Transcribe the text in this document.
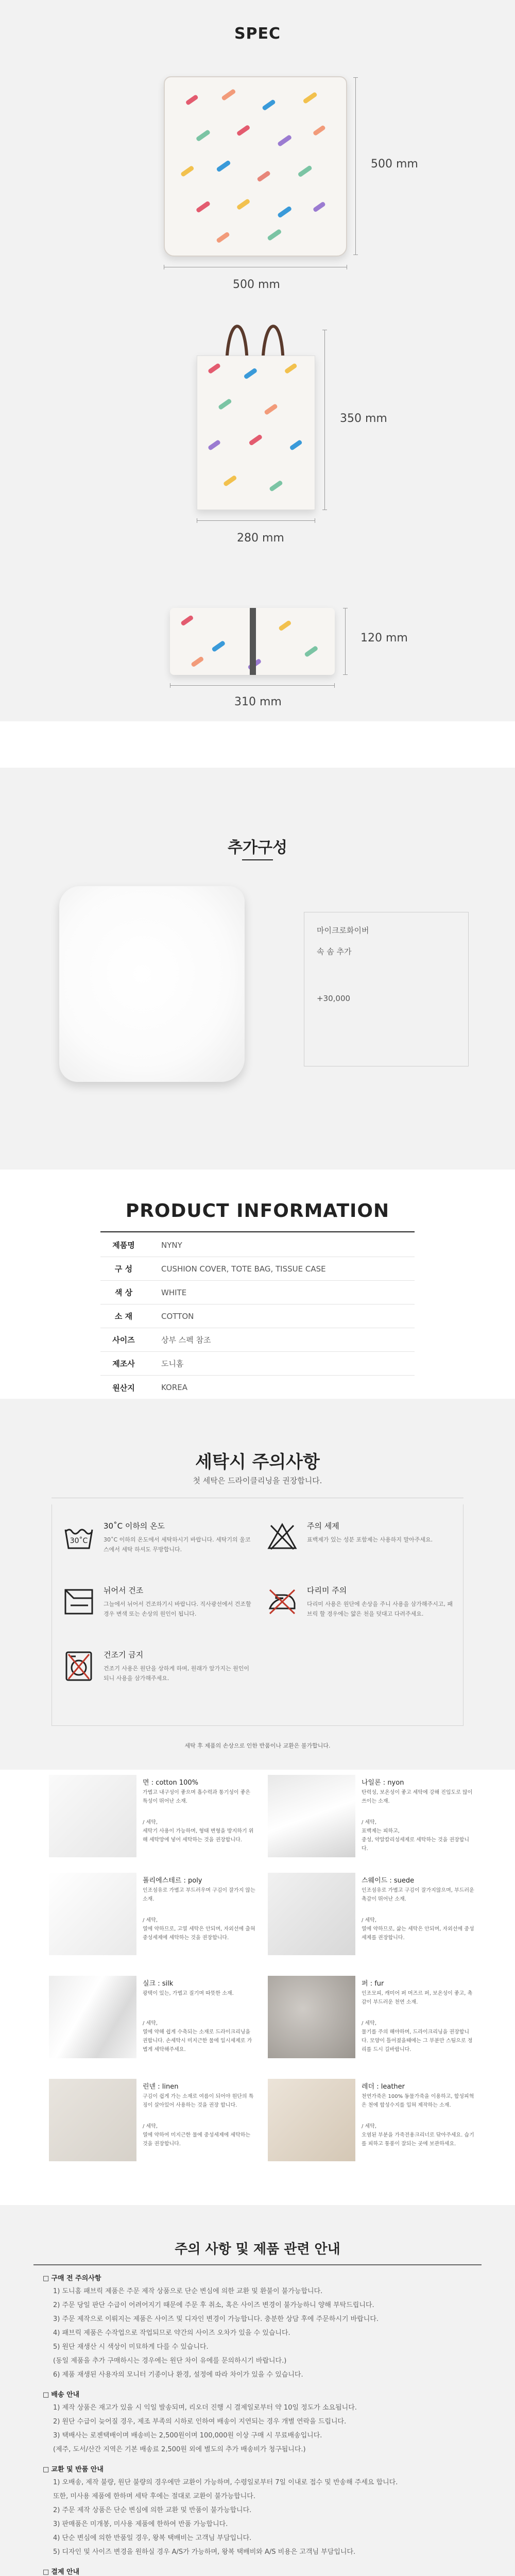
SPEC
500 mm
500 mm
350 mm
280 mm
120 mm
310 mm
추가구성
마이크로화이버
속 솜 추가
+30,000
PRODUCT INFORMATION
제품명	NYNY
구 성	CUSHION COVER, TOTE BAG, TISSUE CASE
색 상	WHITE
소 재	COTTON
사이즈	상부 스펙 참조
제조사	도니홈
원산지	KOREA
세탁시 주의사항
첫 세탁은 드라이클리닝을 권장합니다.
30˚C
30˚C 이하의 온도
30˚C 이하의 온도에서 세탁하시기 바랍니다. 세탁기의 울코스에서 세탁 하셔도 무방합니다.
주의 세제
표백제가 있는 성분 포함제는 사용하지 말아주세요.
뉘어서 건조
그늘에서 뉘어서 건조하기시 바랍니다. 직사광선에서 건조할 경우 변색 또는 손상의 원인이 됩니다.
다리미 주의
다리미 사용은 원단에 손상을 주니 사용을 삼가해주시고, 패브릭 할 경우에는 얇은 천을 덧대고 다려주세요.
건조기 금지
건조기 사용은 원단을 상하게 하며, 원래가 앞가지는 원인이 되니 사용을 삼가해주세요.
세탁 후 제품의 손상으로 인한 반품이나 교환은 불가합니다.
면 : cotton 100%
가볍고 내구성이 좋으며 흡수력과 통기성이 좋은 특성이 뛰어난 소재.
/ 세탁,
세탁기 사용이 가능하며, 형태 변형을 방지하기 위해 세탁망에 넣어 세탁하는 것을 권장합니다.
나일론 : nyon
탄력성, 보온성이 좋고 세탁에 강해 진입도로 많이 쓰이는 소재.
/ 세탁,
표백제는 피하고,
중성, 약알칼리성세제로 세탁하는 것을 권장합니다.
폴리에스테르 : poly
인조섬유로 가볍고 부드러우며 구김이 잘가지 않는 소재.
/ 세탁,
열에 약하므로, 고열 세탁은 안되며, 자외선에 출혀 중성세제에 세탁하는 것을 권장합니다.
스웨이드 : suede
인조섬유로 가볍고 구김이 잘가지않으며, 부드러운 촉감이 뛰어난 소재.
/ 세탁,
열에 약하므로, 삶는 세탁은 안되며, 자외선에 중성세제를 권장합니다.
실크 : silk
광택이 있는, 가볍고 질기며 따뜻한 소재.
/ 세탁,
열에 약해 쉽게 수축되는 소재로 드라이크리닝을 권합니다. 손세탁시 미지근한 물에 일시세제로 가볍게 세탁해주세요.
퍼 : fur
인조모피, 캐미어 퍼 머즈르 퍼, 보온성이 좋고, 촉감이 부드러운 천연 소재.
/ 세탁,
물기를 주의 해야하며, 드라이크리닝을 권장합니다. 모양이 틀어졌을때에는 그 부분만 스팀으로 정리를 드시 길바랍니다.
린넨 : linen
구김이 쉽게 가는 소재로 여름이 되어야 원단의 특징이 살아있어 사용하는 것을 권장 합니다.
/ 세탁,
열에 약하여 미지근한 물에 중성세제에 세탁하는 것을 권장합니다.
레더 : leather
천연가죽은 100% 동물가죽을 이용하고, 합성피혁은 천에 합성수지를 입혀 제작하는 소재.
/ 세탁,
오염된 부분을 가죽전용크리너로 닦아주세요. 습기를 피하고 통풍이 잘되는 곳에 보관하세요.
주의 사항 및 제품 관련 안내
□ 구매 전 주의사항

1) 도니홈 패브릭 제품은 주문 제작 상품으로 단순 변심에 의한 교환 및 환불이 불가능합니다.

2) 주문 당일 판단 수급이 어려어지기 때문에 주문 후 취소, 혹은 사이즈 변경이 불가능하니 양해 부탁드립니다.

3) 주문 제작으로 이뤄지는 제품은 사이즈 및 디자인 변경이 가능합니다. 충분한 상담 후에 주문하시기 바랍니다.

4) 패브릭 제품은 수작업으로 작업되므로 약간의 사이즈 오차가 있을 수 있습니다.

5) 원단 재생산 시 색상이 미묘하게 다를 수 있습니다.

(동일 제품을 추가 구매하시는 경우에는 원단 차이 유에를 문의하시기 바랍니다.)

6) 제품 재생된 사용자의 모니터 기종이나 환경, 설정에 따라 차이가 있을 수 있습니다.

□ 배송 안내

1) 제작 상품은 재고가 있을 시 익일 발송되며, 리오더 진행 시 결제일로부터 약 10일 정도가 소요됩니다.

2) 원단 수급이 늦어질 경우, 제조 부족의 시하로 인하여 배송이 지연되는 경우 개별 연락을 드립니다.

3) 택배사는 로젠택배이며 배송비는 2,500원이며 100,000원 이상 구매 시 무료배송입니다.

(제주, 도서/산간 지역은 기본 배송료 2,500원 외에 별도의 추가 배송비가 청구됩니다.)

□ 교환 및 반품 안내

1) 오배송, 제작 불량, 원단 불량의 경우에만 교환이 가능하며, 수령일로부터 7일 이내로 접수 및 반송해 주세요 합니다.

또한, 미사용 제품에 한하며 세탁 후에는 절대로 교환이 불가능합니다.

2) 주문 제작 상품은 단순 변심에 의한 교환 및 반품이 불가능합니다.

3) 판매품은 미개봉, 미사용 제품에 한하여 반품 가능합니다.

4) 단순 변심에 의한 반품일 경우, 왕복 택배비는 고객님 부담입니다.

5) 디자인 및 사이즈 변경을 원하실 경우 A/S가 가능하며, 왕복 택배비와 A/S 비용은 고객님 부담입니다.

□ 결제 안내
